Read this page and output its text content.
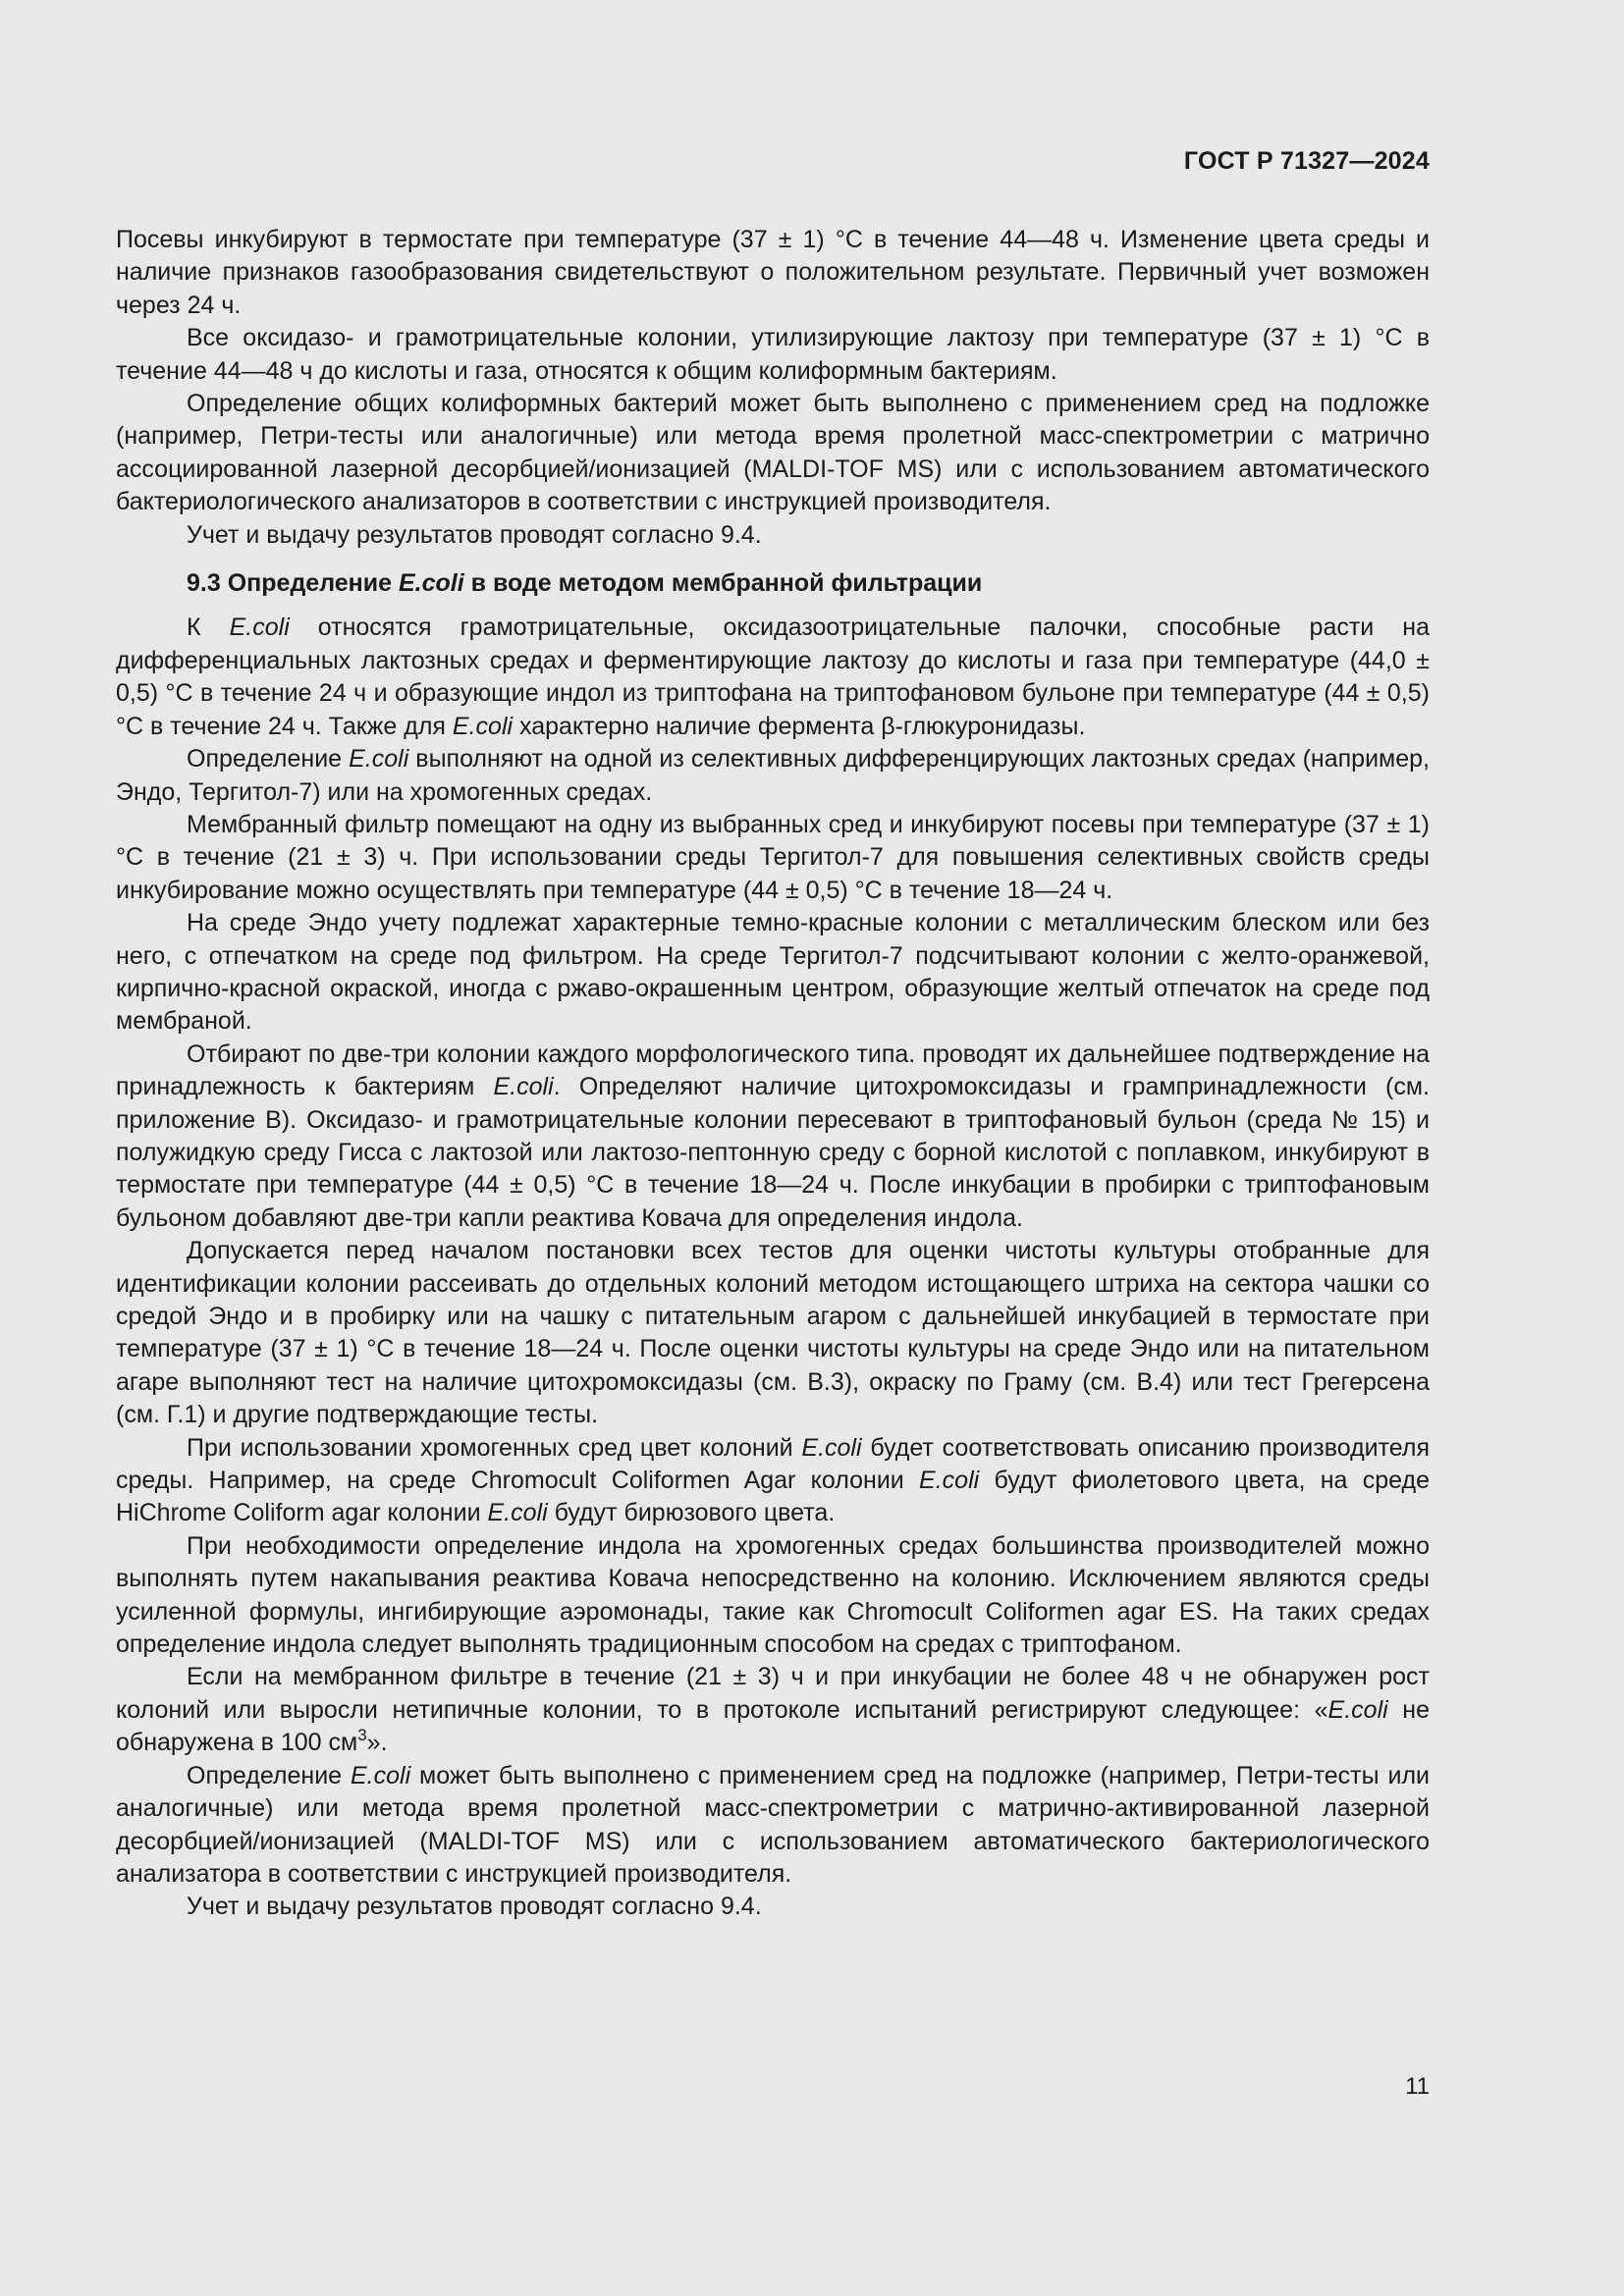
ГОСТ Р 71327—2024

Посевы инкубируют в термостате при температуре (37 ± 1) °С в течение 44—48 ч. Изменение цвета среды и наличие признаков газообразования свидетельствуют о положительном результате. Первичный учет возможен через 24 ч.

Все оксидазо- и грамотрицательные колонии, утилизирующие лактозу при температуре (37 ± 1) °С в течение 44—48 ч до кислоты и газа, относятся к общим колиформным бактериям.

Определение общих колиформных бактерий может быть выполнено с применением сред на подложке (например, Петри-тесты или аналогичные) или метода время пролетной масс-спектрометрии с матрично ассоциированной лазерной десорбцией/ионизацией (MALDI-TOF MS) или с использованием автоматического бактериологического анализаторов в соответствии с инструкцией производителя.

Учет и выдачу результатов проводят согласно 9.4.

9.3 Определение E.coli в воде методом мембранной фильтрации

К E.coli относятся грамотрицательные, оксидазоотрицательные палочки, способные расти на дифференциальных лактозных средах и ферментирующие лактозу до кислоты и газа при температуре (44,0 ± 0,5) °С в течение 24 ч и образующие индол из триптофана на триптофановом бульоне при температуре (44 ± 0,5) °С в течение 24 ч. Также для E.coli характерно наличие фермента β-глюкуронидазы.

Определение E.coli выполняют на одной из селективных дифференцирующих лактозных средах (например, Эндо, Тергитол-7) или на хромогенных средах.

Мембранный фильтр помещают на одну из выбранных сред и инкубируют посевы при температуре (37 ± 1) °С в течение (21 ± 3) ч. При использовании среды Тергитол-7 для повышения селективных свойств среды инкубирование можно осуществлять при температуре (44 ± 0,5) °С в течение 18—24 ч.

На среде Эндо учету подлежат характерные темно-красные колонии с металлическим блеском или без него, с отпечатком на среде под фильтром. На среде Тергитол-7 подсчитывают колонии с желто-оранжевой, кирпично-красной окраской, иногда с ржаво-окрашенным центром, образующие желтый отпечаток на среде под мембраной.

Отбирают по две-три колонии каждого морфологического типа. проводят их дальнейшее подтверждение на принадлежность к бактериям E.coli. Определяют наличие цитохромоксидазы и грампринадлежности (см. приложение В). Оксидазо- и грамотрицательные колонии пересевают в триптофановый бульон (среда № 15) и полужидкую среду Гисса с лактозой или лактозо-пептонную среду с борной кислотой с поплавком, инкубируют в термостате при температуре (44 ± 0,5) °С в течение 18—24 ч. После инкубации в пробирки с триптофановым бульоном добавляют две-три капли реактива Ковача для определения индола.

Допускается перед началом постановки всех тестов для оценки чистоты культуры отобранные для идентификации колонии рассеивать до отдельных колоний методом истощающего штриха на сектора чашки со средой Эндо и в пробирку или на чашку с питательным агаром с дальнейшей инкубацией в термостате при температуре (37 ± 1) °С в течение 18—24 ч. После оценки чистоты культуры на среде Эндо или на питательном агаре выполняют тест на наличие цитохромоксидазы (см. В.3), окраску по Граму (см. В.4) или тест Грегерсена (см. Г.1) и другие подтверждающие тесты.

При использовании хромогенных сред цвет колоний E.coli будет соответствовать описанию производителя среды. Например, на среде Chromocult Coliformen Agar колонии E.coli будут фиолетового цвета, на среде HiChrome Coliform agar колонии E.coli будут бирюзового цвета.

При необходимости определение индола на хромогенных средах большинства производителей можно выполнять путем накапывания реактива Ковача непосредственно на колонию. Исключением являются среды усиленной формулы, ингибирующие аэромонады, такие как Chromocult Coliformen agar ES. На таких средах определение индола следует выполнять традиционным способом на средах с триптофаном.

Если на мембранном фильтре в течение (21 ± 3) ч и при инкубации не более 48 ч не обнаружен рост колоний или выросли нетипичные колонии, то в протоколе испытаний регистрируют следующее: «E.coli не обнаружена в 100 $см^3$».

Определение E.coli может быть выполнено с применением сред на подложке (например, Петри-тесты или аналогичные) или метода время пролетной масс-спектрометрии с матрично-активированной лазерной десорбцией/ионизацией (MALDI-TOF MS) или с использованием автоматического бактериологического анализатора в соответствии с инструкцией производителя.

Учет и выдачу результатов проводят согласно 9.4.

11
